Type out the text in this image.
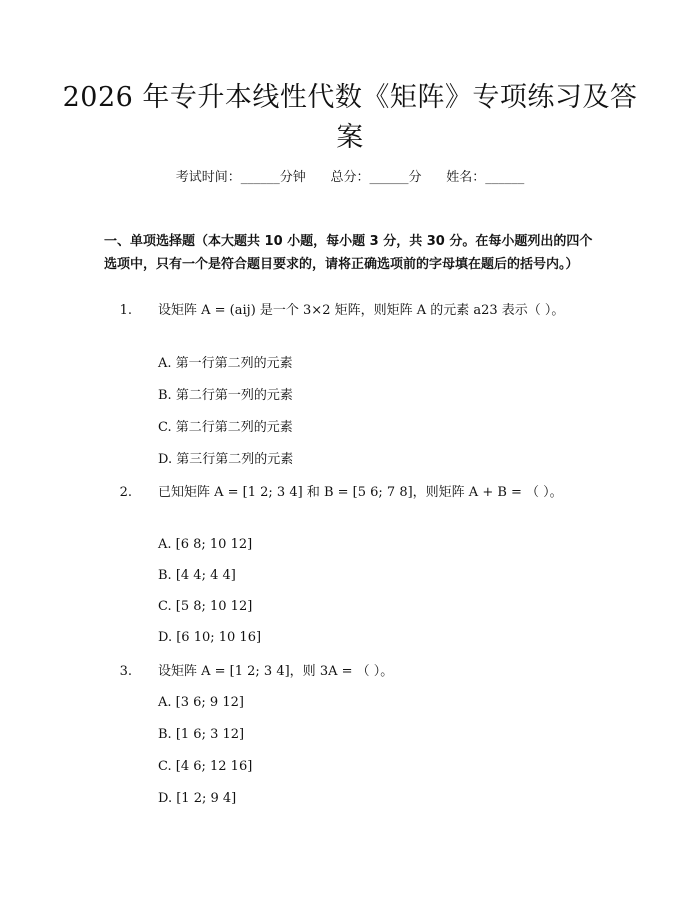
2026 年专升本线性代数《矩阵》专项练习及答案
考试时间：______分钟      总分：______分      姓名：______
一、单项选择题（本大题共 10 小题，每小题 3 分，共 30 分。在每小题列出的四个选项中，只有一个是符合题目要求的，请将正确选项前的字母填在题后的括号内。）
1. 设矩阵 A = (aij) 是一个 3×2 矩阵，则矩阵 A 的元素 a23 表示（ ）。
A. 第一行第二列的元素
B. 第二行第一列的元素
C. 第二行第二列的元素
D. 第三行第二列的元素
2. 已知矩阵 A = [1 2; 3 4] 和 B = [5 6; 7 8]，则矩阵 A + B = （ ）。
A. [6 8; 10 12]
B. [4 4; 4 4]
C. [5 8; 10 12]
D. [6 10; 10 16]
3. 设矩阵 A = [1 2; 3 4]，则 3A = （ ）。
A. [3 6; 9 12]
B. [1 6; 3 12]
C. [4 6; 12 16]
D. [1 2; 9 4]
